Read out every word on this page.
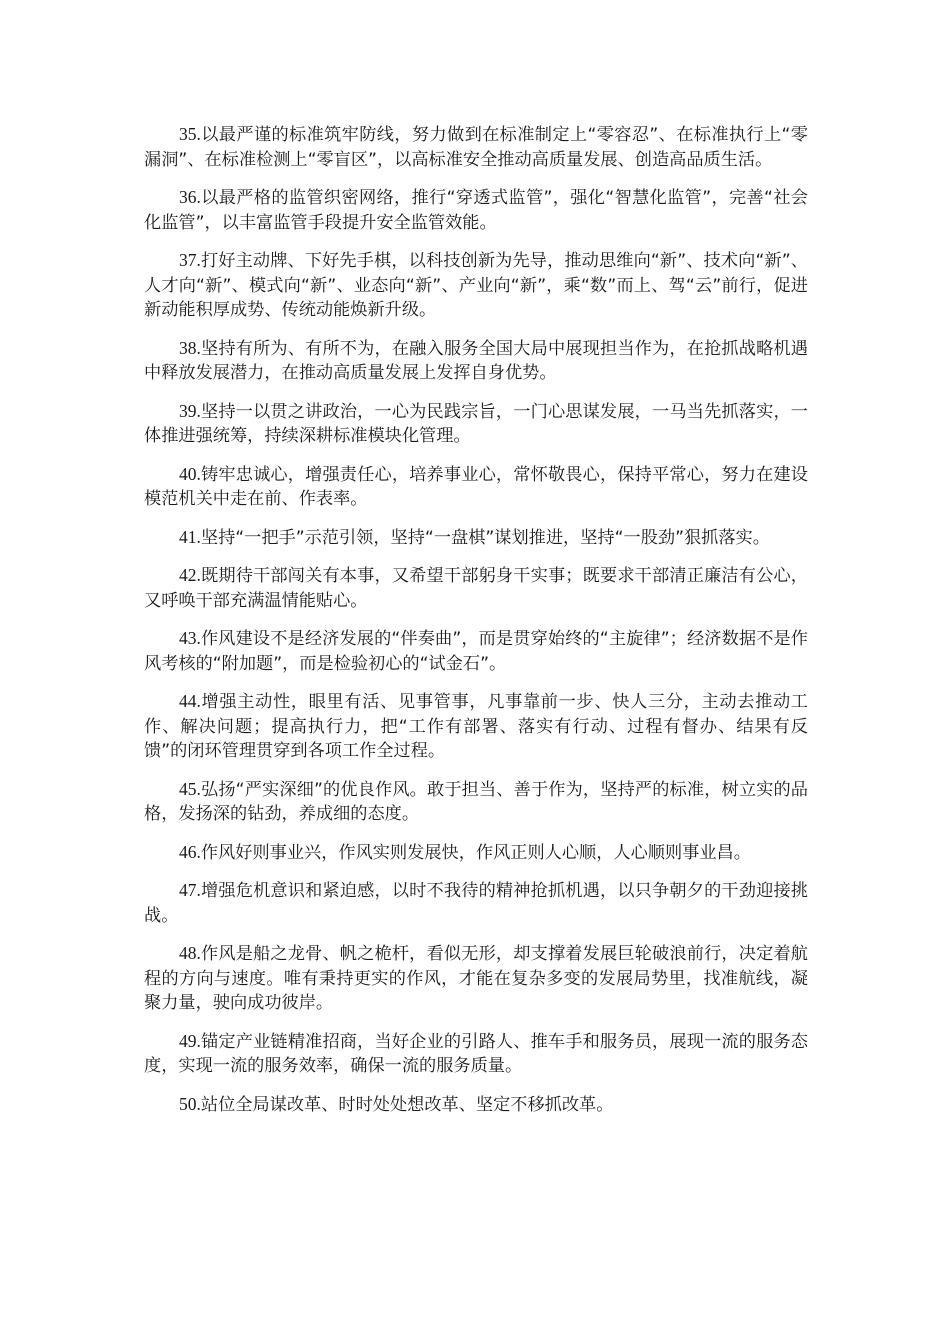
35.以最严谨的标准筑牢防线，努力做到在标准制定上“零容忍”、在标准执行上“零漏洞”、在标准检测上“零盲区”，以高标准安全推动高质量发展、创造高品质生活。

36.以最严格的监管织密网络，推行“穿透式监管”，强化“智慧化监管”，完善“社会化监管”，以丰富监管手段提升安全监管效能。

37.打好主动牌、下好先手棋，以科技创新为先导，推动思维向“新”、技术向“新”、人才向“新”、模式向“新”、业态向“新”、产业向“新”，乘“数”而上、驾“云”前行，促进新动能积厚成势、传统动能焕新升级。

38.坚持有所为、有所不为，在融入服务全国大局中展现担当作为，在抢抓战略机遇中释放发展潜力，在推动高质量发展上发挥自身优势。

39.坚持一以贯之讲政治，一心为民践宗旨，一门心思谋发展，一马当先抓落实，一体推进强统筹，持续深耕标准模块化管理。

40.铸牢忠诚心，增强责任心，培养事业心，常怀敬畏心，保持平常心，努力在建设模范机关中走在前、作表率。

41.坚持“一把手”示范引领，坚持“一盘棋”谋划推进，坚持“一股劲”狠抓落实。

42.既期待干部闯关有本事，又希望干部躬身干实事；既要求干部清正廉洁有公心，又呼唤干部充满温情能贴心。

43.作风建设不是经济发展的“伴奏曲”，而是贯穿始终的“主旋律”；经济数据不是作风考核的“附加题”，而是检验初心的“试金石”。

44.增强主动性，眼里有活、见事管事，凡事靠前一步、快人三分，主动去推动工作、解决问题；提高执行力，把“工作有部署、落实有行动、过程有督办、结果有反馈”的闭环管理贯穿到各项工作全过程。

45.弘扬“严实深细”的优良作风。敢于担当、善于作为，坚持严的标准，树立实的品格，发扬深的钻劲，养成细的态度。

46.作风好则事业兴，作风实则发展快，作风正则人心顺，人心顺则事业昌。

47.增强危机意识和紧迫感，以时不我待的精神抢抓机遇，以只争朝夕的干劲迎接挑战。

48.作风是船之龙骨、帆之桅杆，看似无形，却支撑着发展巨轮破浪前行，决定着航程的方向与速度。唯有秉持更实的作风，才能在复杂多变的发展局势里，找准航线，凝聚力量，驶向成功彼岸。

49.锚定产业链精准招商，当好企业的引路人、推车手和服务员，展现一流的服务态度，实现一流的服务效率，确保一流的服务质量。

50.站位全局谋改革、时时处处想改革、坚定不移抓改革。
